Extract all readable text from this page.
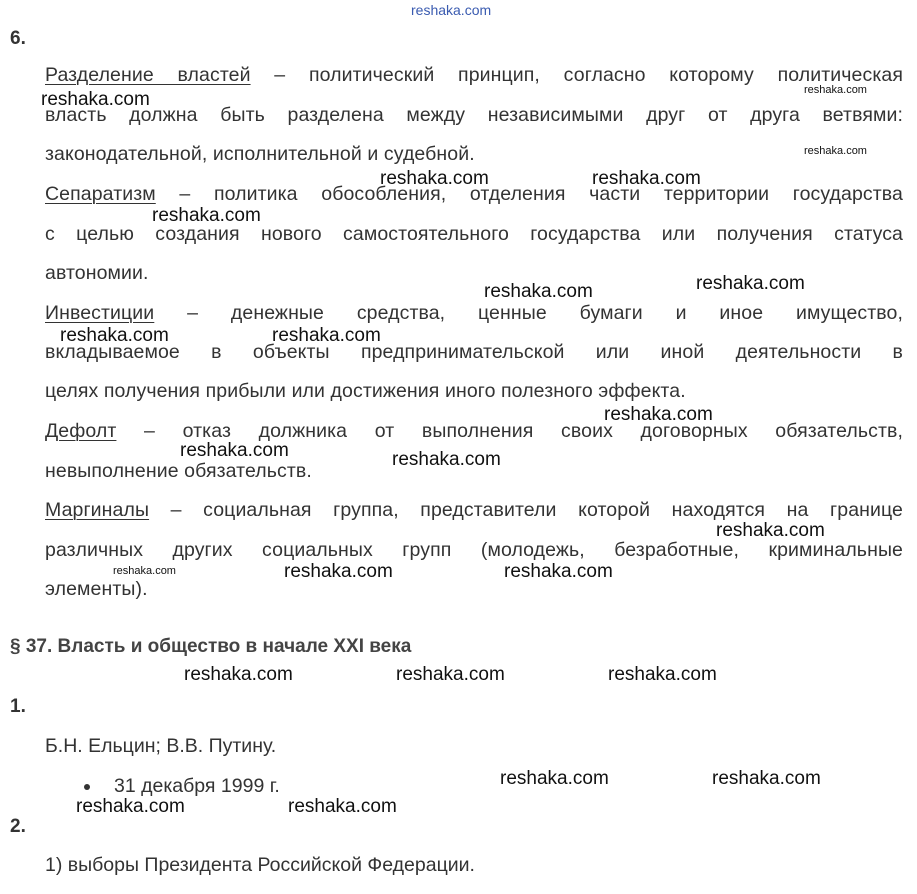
reshaka.com
6.
Разделение властей – политический принцип, согласно которому политическая
власть должна быть разделена между независимыми друг от друга ветвями:
законодательной, исполнительной и судебной.
Сепаратизм – политика обособления, отделения части территории государства
с целью создания нового самостоятельного государства или получения статуса
автономии.
Инвестиции – денежные средства, ценные бумаги и иное имущество,
вкладываемое в объекты предпринимательской или иной деятельности в
целях получения прибыли или достижения иного полезного эффекта.
Дефолт – отказ должника от выполнения своих договорных обязательств,
невыполнение обязательств.
Маргиналы – социальная группа, представители которой находятся на границе
различных других социальных групп (молодежь, безработные, криминальные
элементы).
§ 37. Власть и общество в начале XXI века
1.
Б.Н. Ельцин; В.В. Путину.
31 декабря 1999 г.
2.
1) выборы Президента Российской Федерации.
reshaka.com
reshaka.com	reshaka.com
reshaka.com
reshaka.com
reshaka.com
reshaka.com	reshaka.com
reshaka.com
reshaka.com	reshaka.com
reshaka.com
reshaka.com	reshaka.com
reshaka.com	reshaka.com	reshaka.com
reshaka.com	reshaka.com
reshaka.com	reshaka.com
reshaka.com
reshaka.com
reshaka.com
